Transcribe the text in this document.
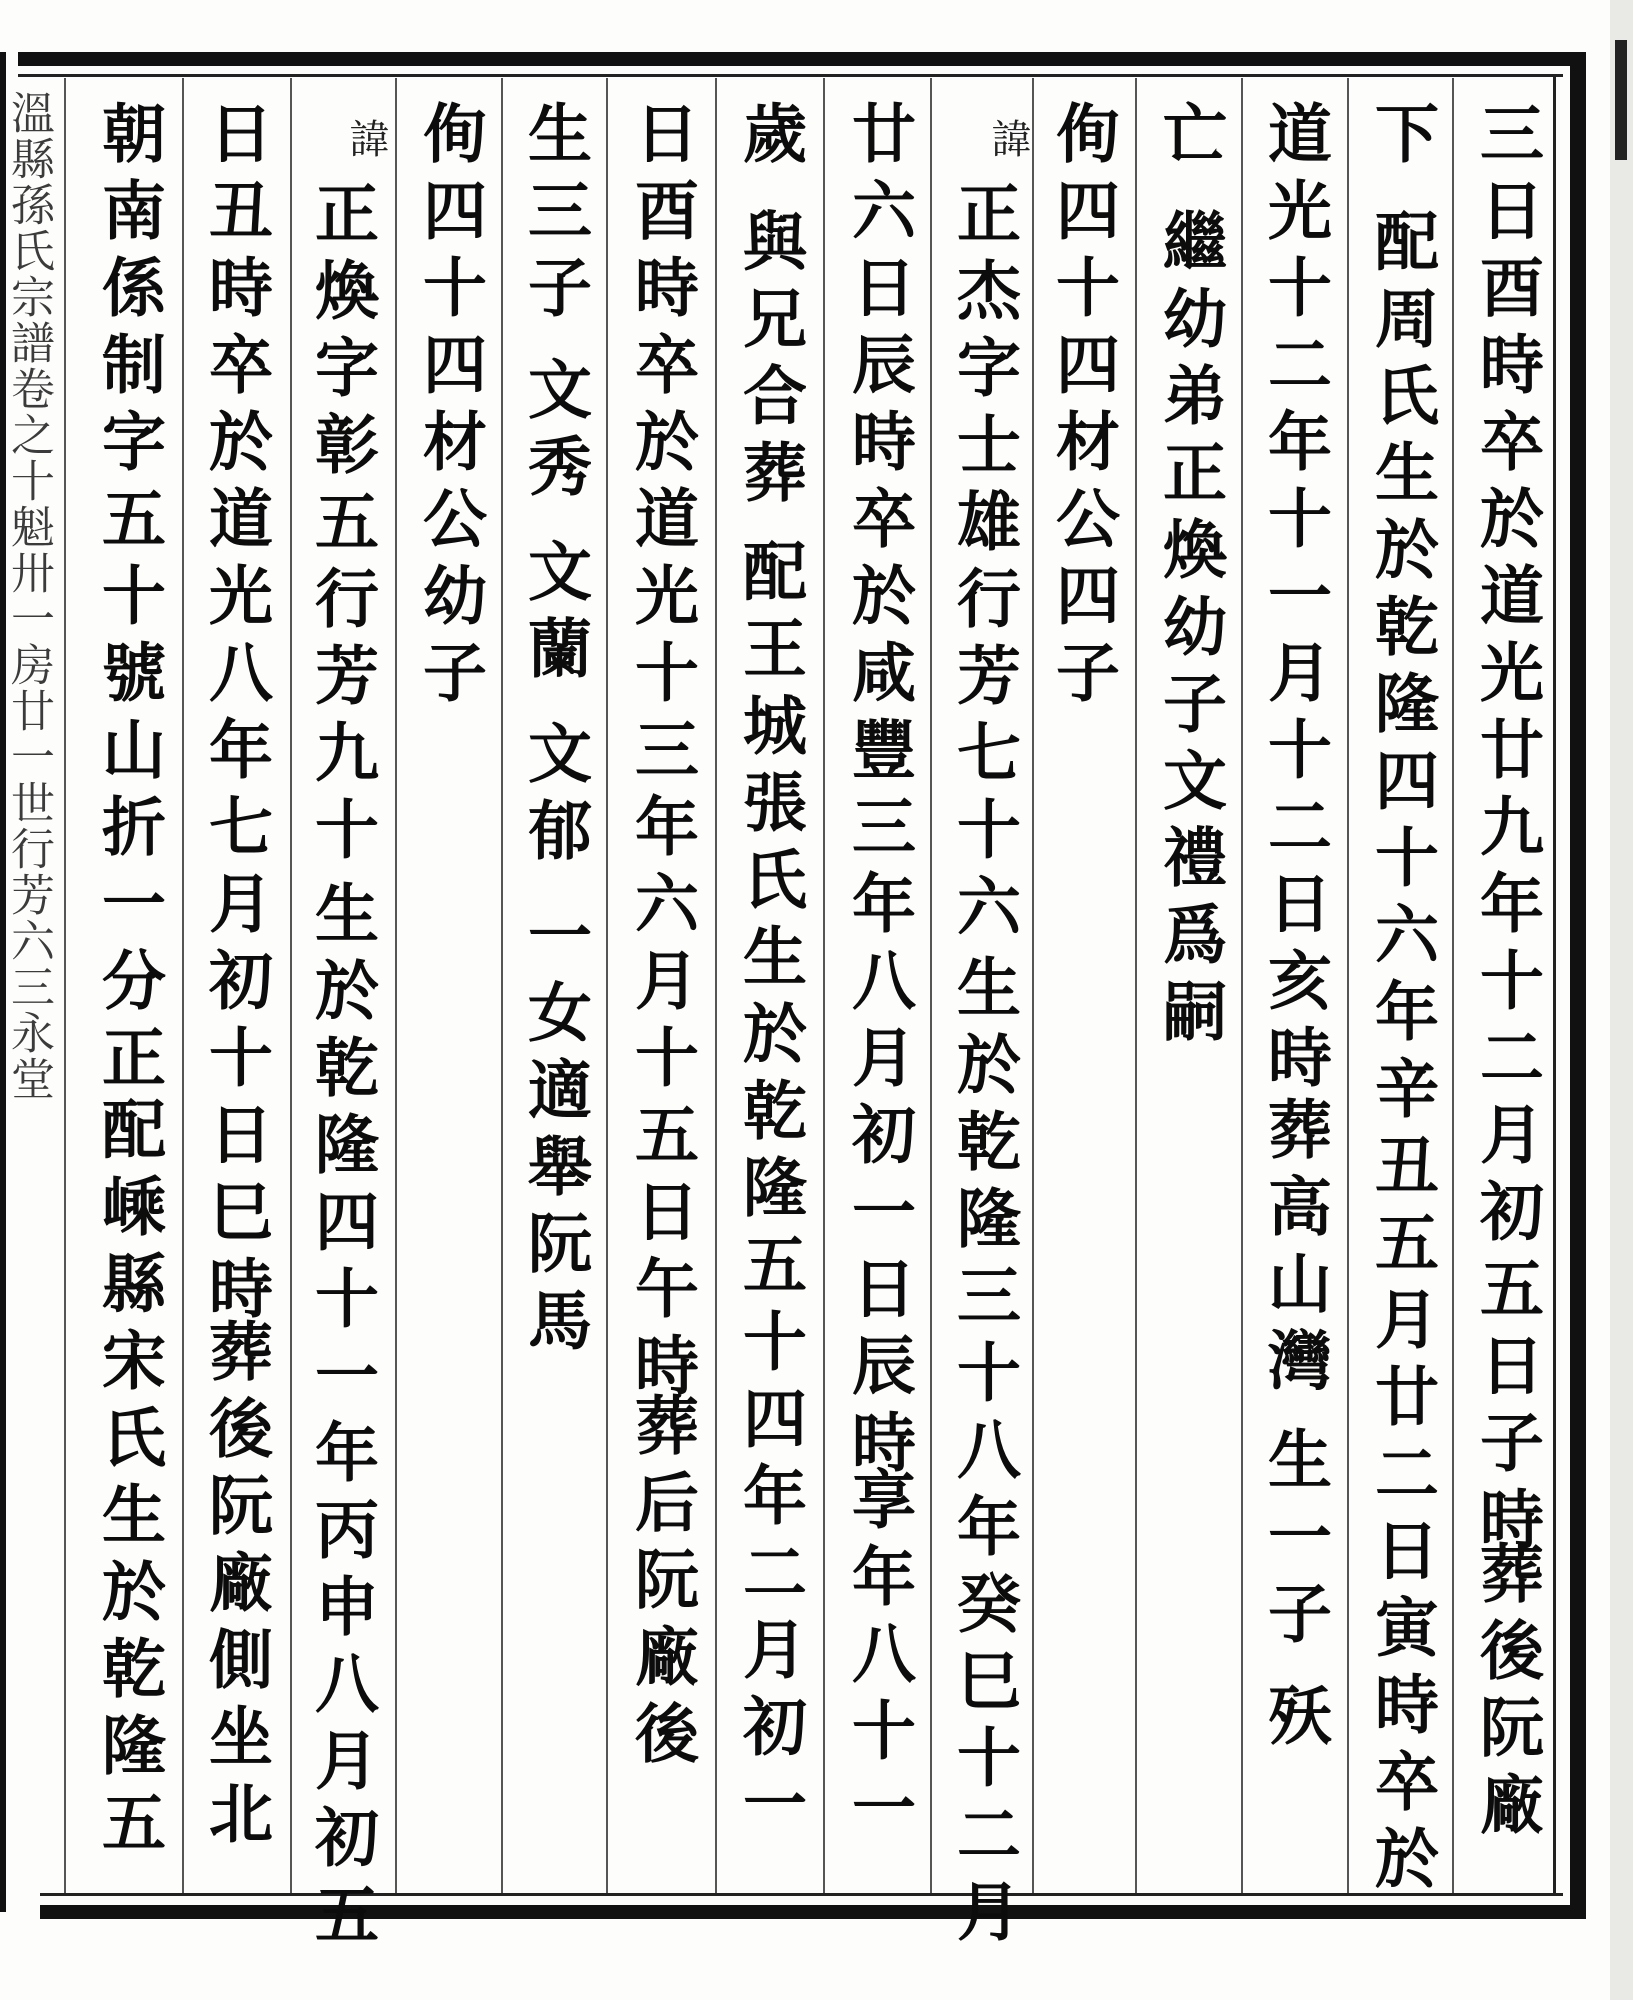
溫縣孫氏宗譜卷之十魁卅一房廿一世行芳六三永堂	三日酉時卒於道光廿九年十二月初五日子時
葬後阮廠
下
配周氏生於乾隆四十六年辛丑五月廿二日寅時卒於
道光十二年十一月十二日亥時
葬高山灣
生一子
殀
亡
繼幼弟正煥幼子文禮爲嗣
侚四十四材公四子
諱
正杰字士雄行芳七十六
生於乾隆三十八年癸巳十二月
廿六日辰時卒於咸豐三年八月初一日辰時
享年八十一
歲
與兄合葬
配王城張氏生於乾隆五十四年二月初一
日酉時卒於道光十三年六月十五日午時
葬后阮廠後
生三子
文秀
文蘭
文郁
一女適舉阮馬
侚四十四材公幼子
諱
正煥字彰五行芳九十
生於乾隆四十一年丙申八月初五
日丑時卒於道光八年七月初十日巳時
葬後阮廠側坐北
朝南係制字五十號山折一分正
配嵊縣宋氏生於乾隆五
